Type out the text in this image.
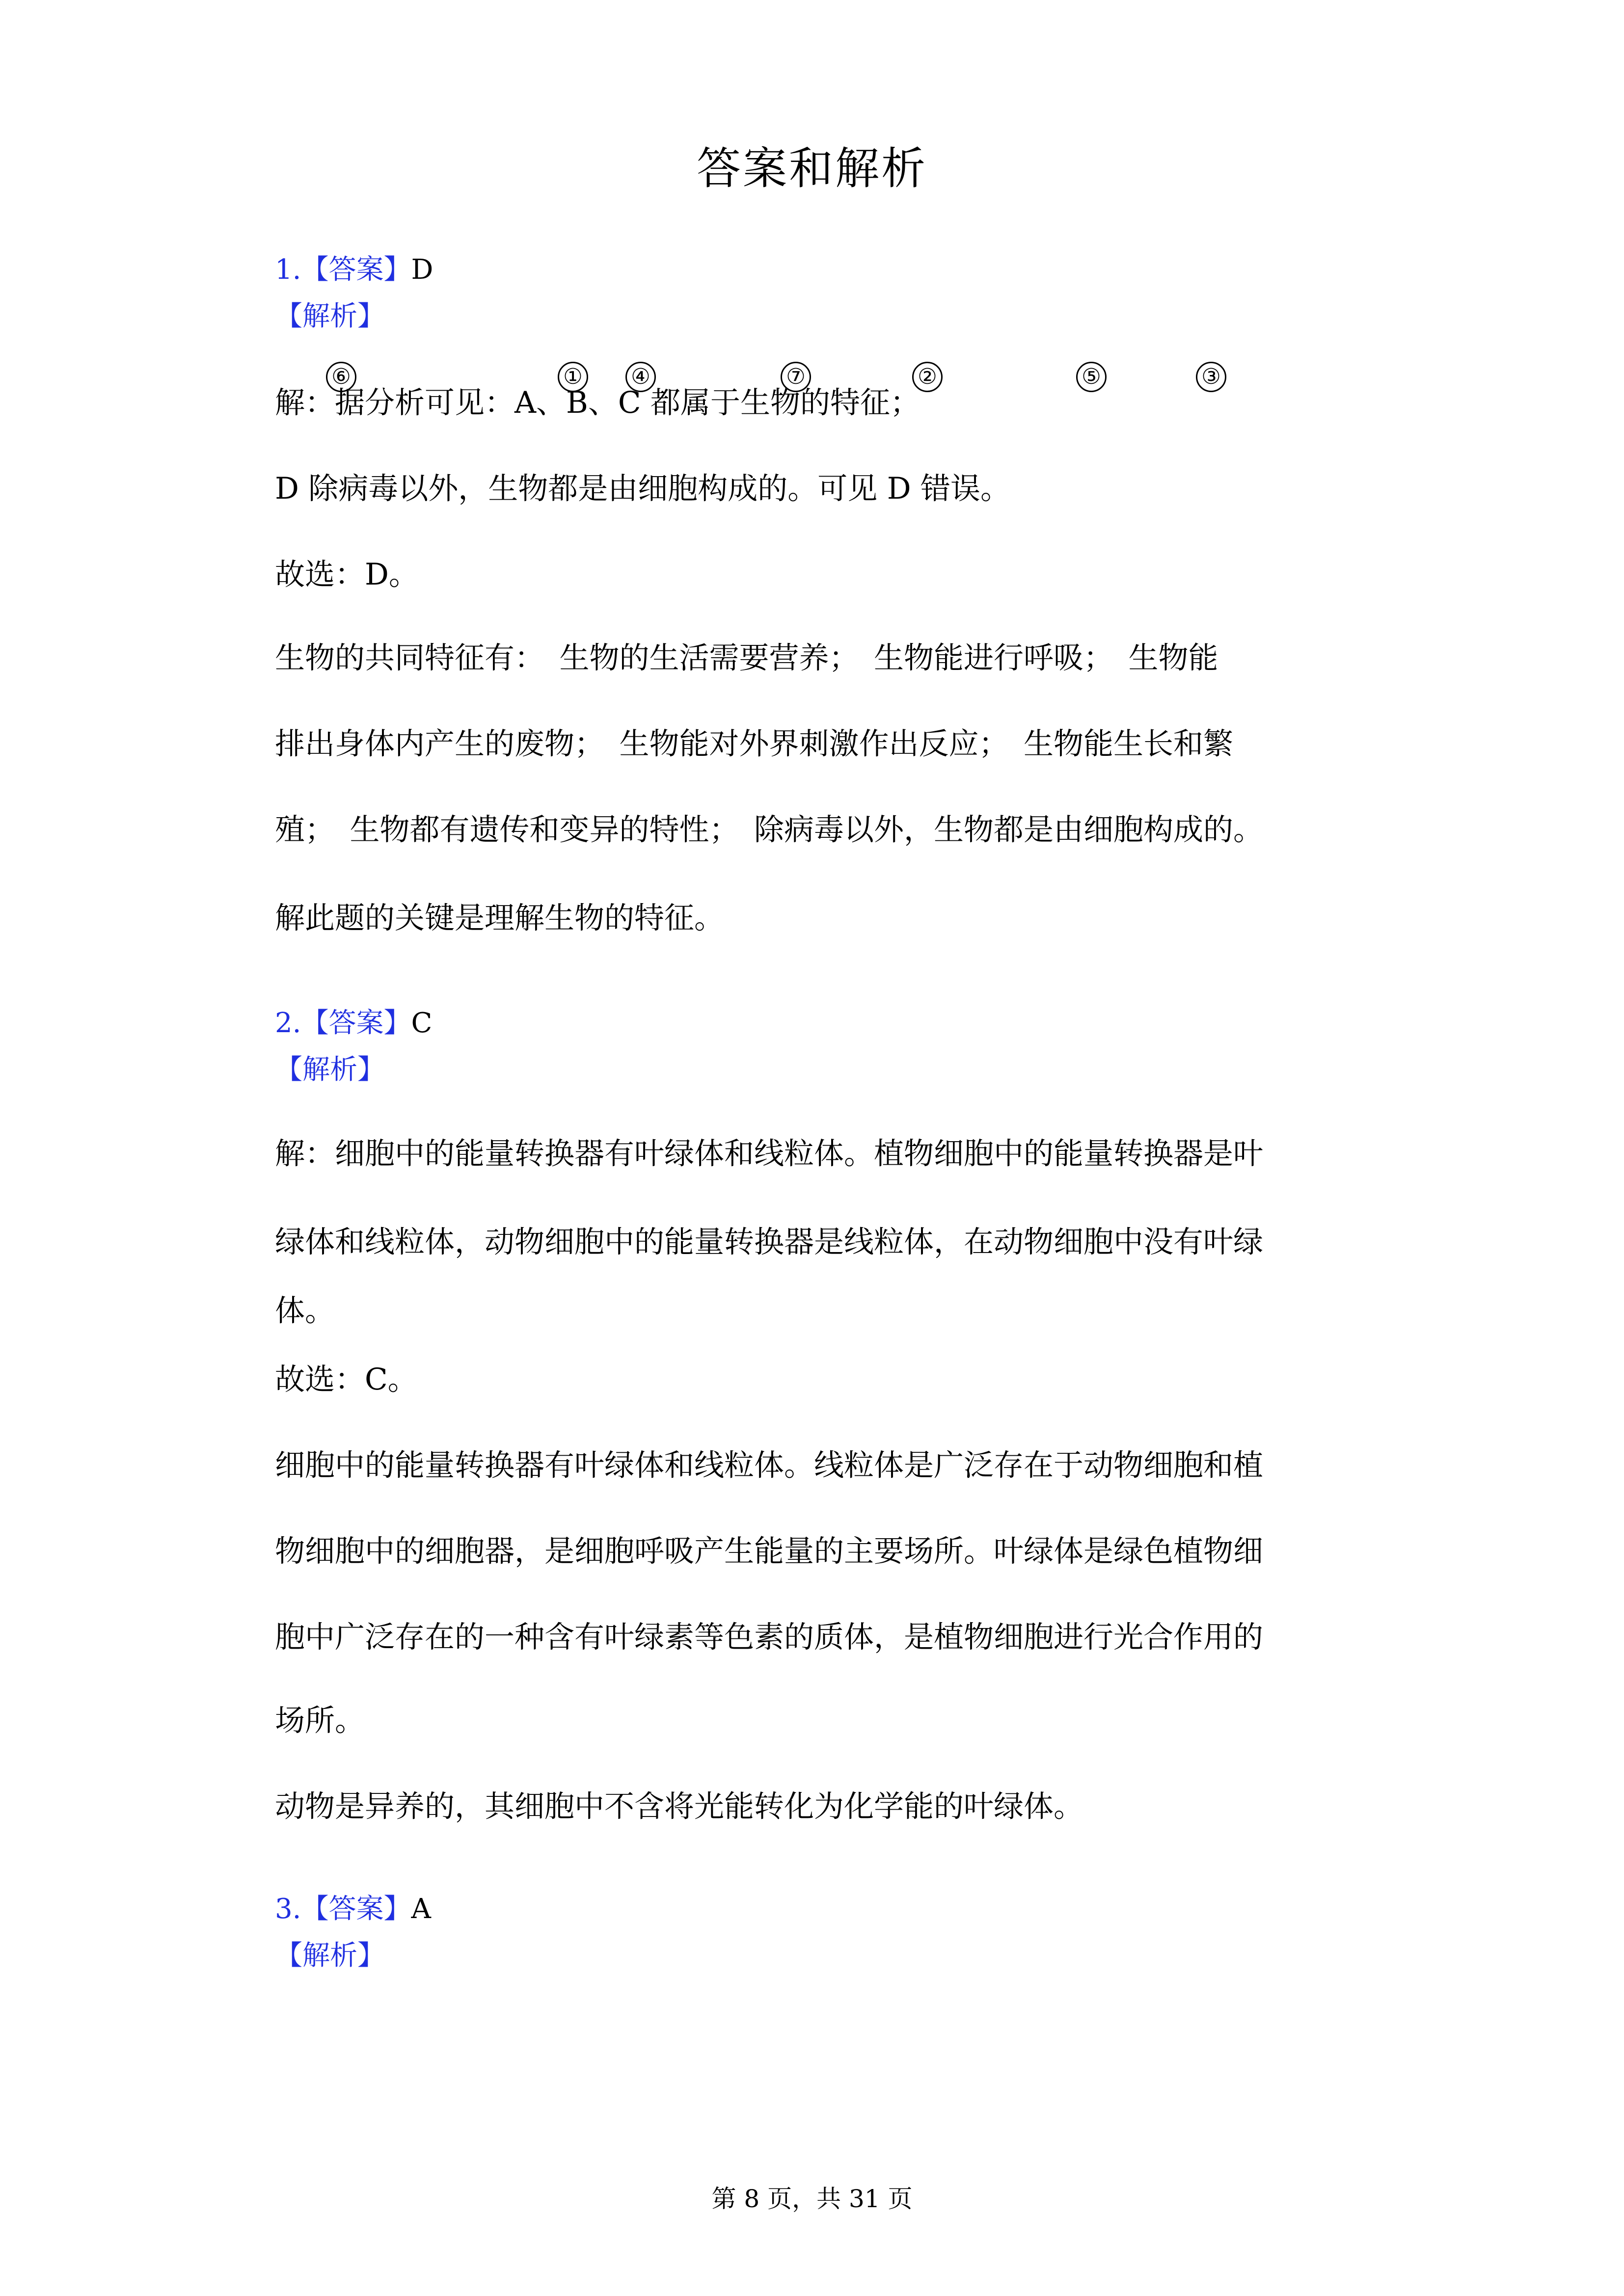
答案和解析
1.【答案】D
【解析】
⑥	① ④	⑦	②	⑤	③
解：据分析可见：A、B、C 都属于生物的特征；
D 除病毒以外，生物都是由细胞构成的。可见 D 错误。
故选：D。
生物的共同特征有：　生物的生活需要营养；　生物能进行呼吸；　生物能
排出身体内产生的废物；　生物能对外界刺激作出反应；　生物能生长和繁
殖；　生物都有遗传和变异的特性；　除病毒以外，生物都是由细胞构成的。
解此题的关键是理解生物的特征。
2.【答案】C
【解析】
解：细胞中的能量转换器有叶绿体和线粒体。植物细胞中的能量转换器是叶
绿体和线粒体，动物细胞中的能量转换器是线粒体，在动物细胞中没有叶绿
体。
故选：C。
细胞中的能量转换器有叶绿体和线粒体。线粒体是广泛存在于动物细胞和植
物细胞中的细胞器，是细胞呼吸产生能量的主要场所。叶绿体是绿色植物细
胞中广泛存在的一种含有叶绿素等色素的质体，是植物细胞进行光合作用的
场所。
动物是异养的，其细胞中不含将光能转化为化学能的叶绿体。
3.【答案】A
【解析】
第 8 页，共 31 页
